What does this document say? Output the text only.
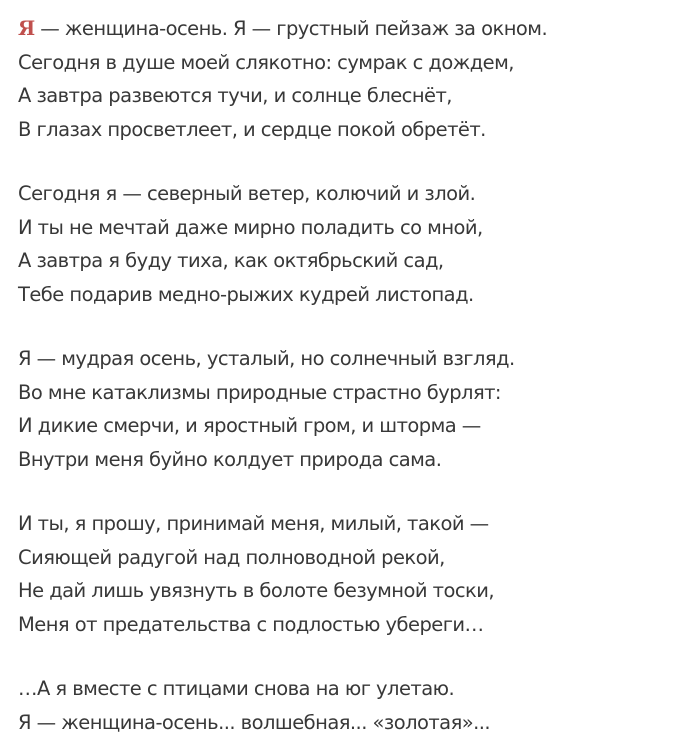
Я — женщина-осень. Я — грустный пейзаж за окном.
Сегодня в душе моей слякотно: сумрак с дождем,
А завтра развеются тучи, и солнце блеснёт,
В глазах просветлеет, и сердце покой обретёт.
Сегодня я — северный ветер, колючий и злой.
И ты не мечтай даже мирно поладить со мной,
А завтра я буду тиха, как октябрьский сад,
Тебе подарив медно-рыжих кудрей листопад.
Я — мудрая осень, усталый, но солнечный взгляд.
Во мне катаклизмы природные страстно бурлят:
И дикие смерчи, и яростный гром, и шторма —
Внутри меня буйно колдует природа сама.
И ты, я прошу, принимай меня, милый, такой —
Сияющей радугой над полноводной рекой,
Не дай лишь увязнуть в болоте безумной тоски,
Меня от предательства с подлостью убереги…
…А я вместе с птицами снова на юг улетаю.
Я — женщина-осень... волшебная... «золотая»...
